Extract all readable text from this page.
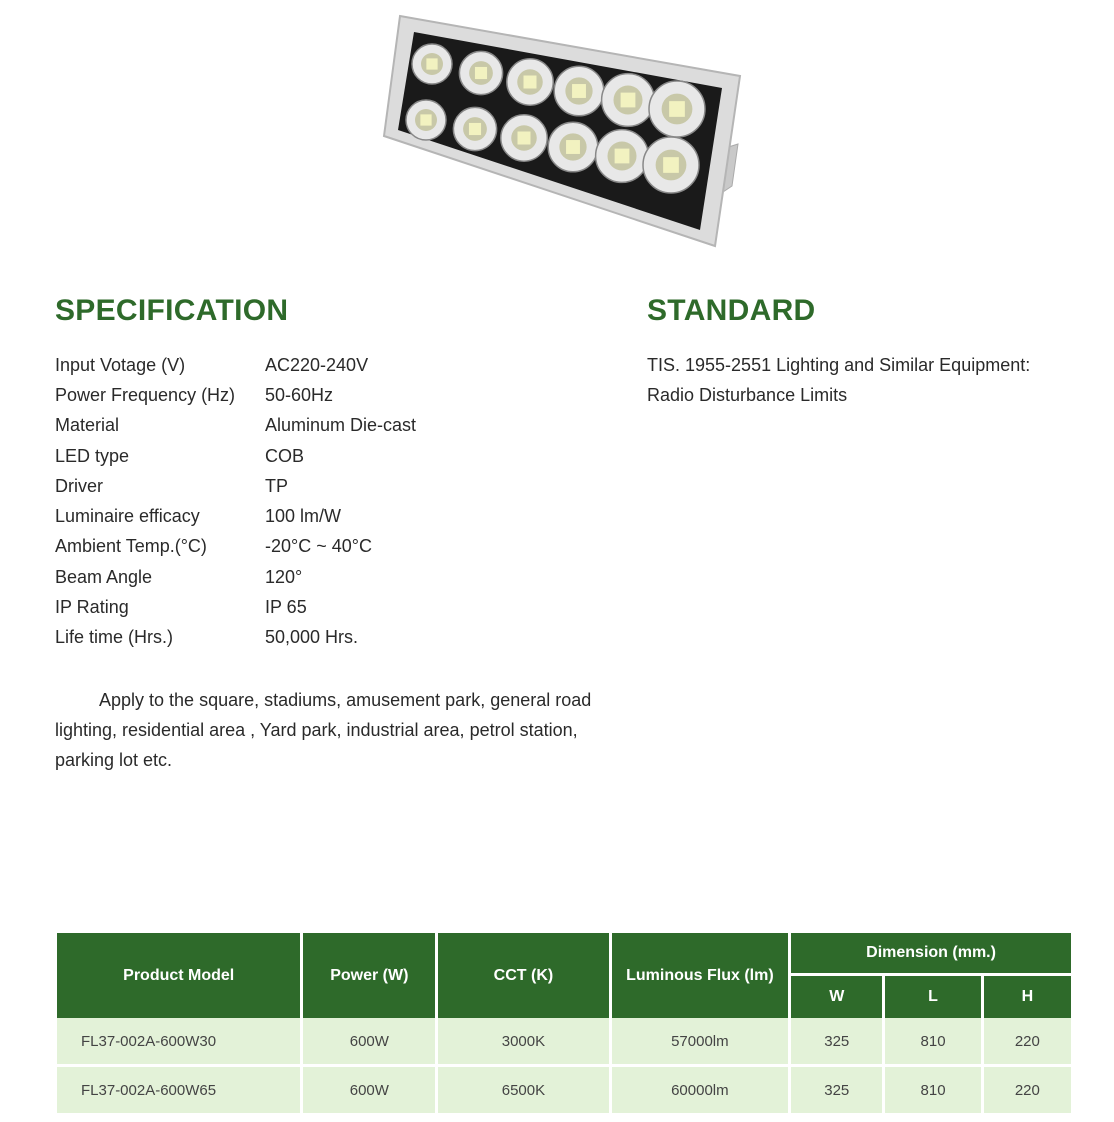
SPECIFICATION	STANDARD
Input Votage (V)	AC220-240V
Power Frequency (Hz)	50-60Hz
Material	Aluminum Die-cast
LED type	COB
Driver	TP
Luminaire efficacy	100 lm/W
Ambient Temp.(°C)	-20°C ~ 40°C
Beam Angle	120°
IP Rating	IP 65
Life time (Hrs.)	50,000 Hrs.
TIS. 1955-2551 Lighting and Similar Equipment: Radio Disturbance Limits
Apply to the square, stadiums, amusement park, general road lighting, residential area , Yard park, industrial area, petrol station, parking lot etc.
Product Model	Power (W)	CCT (K)	Luminous Flux (lm)	Dimension (mm.)		
				W	L	H
FL37-002A-600W30	600W	3000K	57000lm	325	810	220
FL37-002A-600W65	600W	6500K	60000lm	325	810	220
